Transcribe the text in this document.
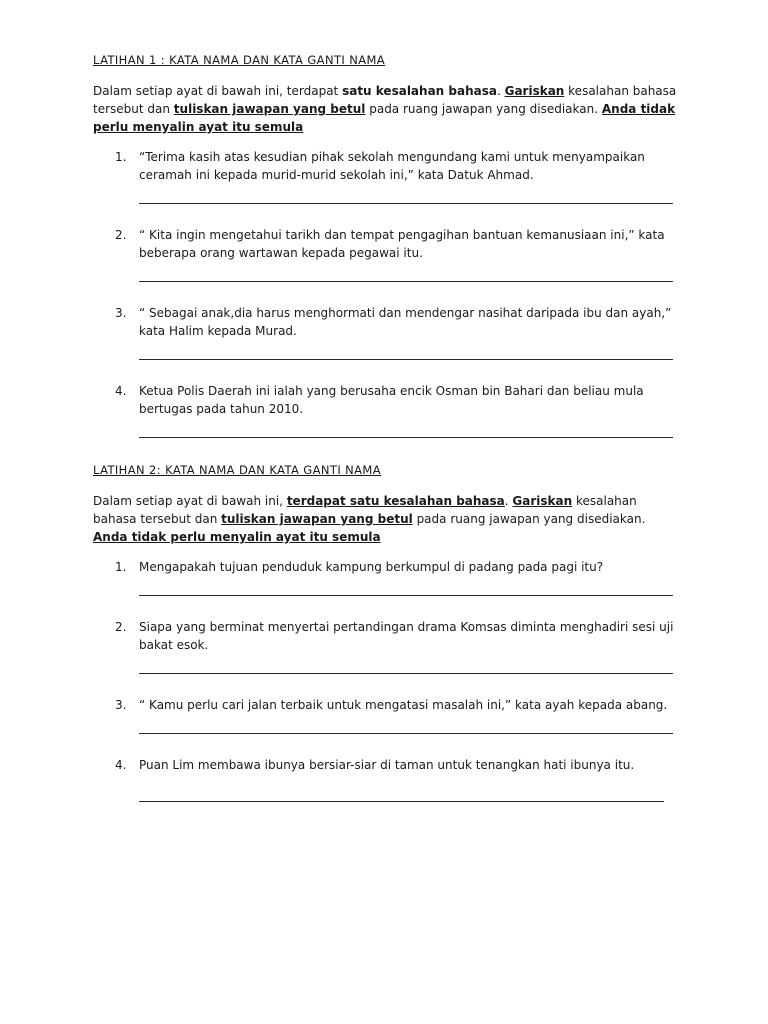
LATIHAN 1 : KATA NAMA DAN KATA GANTI NAMA
Dalam setiap ayat di bawah ini, terdapat satu kesalahan bahasa. Gariskan kesalahan bahasa tersebut dan tuliskan jawapan yang betul pada ruang jawapan yang disediakan. Anda tidak perlu menyalin ayat itu semula
1. “Terima kasih atas kesudian pihak sekolah mengundang kami untuk menyampaikan ceramah ini kepada murid-murid sekolah ini,” kata Datuk Ahmad.
2. “ Kita ingin mengetahui tarikh dan tempat pengagihan bantuan kemanusiaan ini,” kata beberapa orang wartawan kepada pegawai itu.
3. “ Sebagai anak,dia harus menghormati dan mendengar nasihat daripada ibu dan ayah,” kata Halim kepada Murad.
4. Ketua Polis Daerah ini ialah yang berusaha encik Osman bin Bahari dan beliau mula bertugas pada tahun 2010.
LATIHAN 2: KATA NAMA DAN KATA GANTI NAMA
Dalam setiap ayat di bawah ini, terdapat satu kesalahan bahasa. Gariskan kesalahan bahasa tersebut dan tuliskan jawapan yang betul pada ruang jawapan yang disediakan. Anda tidak perlu menyalin ayat itu semula
1. Mengapakah tujuan penduduk kampung berkumpul di padang pada pagi itu?
2. Siapa yang berminat menyertai pertandingan drama Komsas diminta menghadiri sesi uji bakat esok.
3. “ Kamu perlu cari jalan terbaik untuk mengatasi masalah ini,” kata ayah kepada abang.
4. Puan Lim membawa ibunya bersiar-siar di taman untuk tenangkan hati ibunya itu.
